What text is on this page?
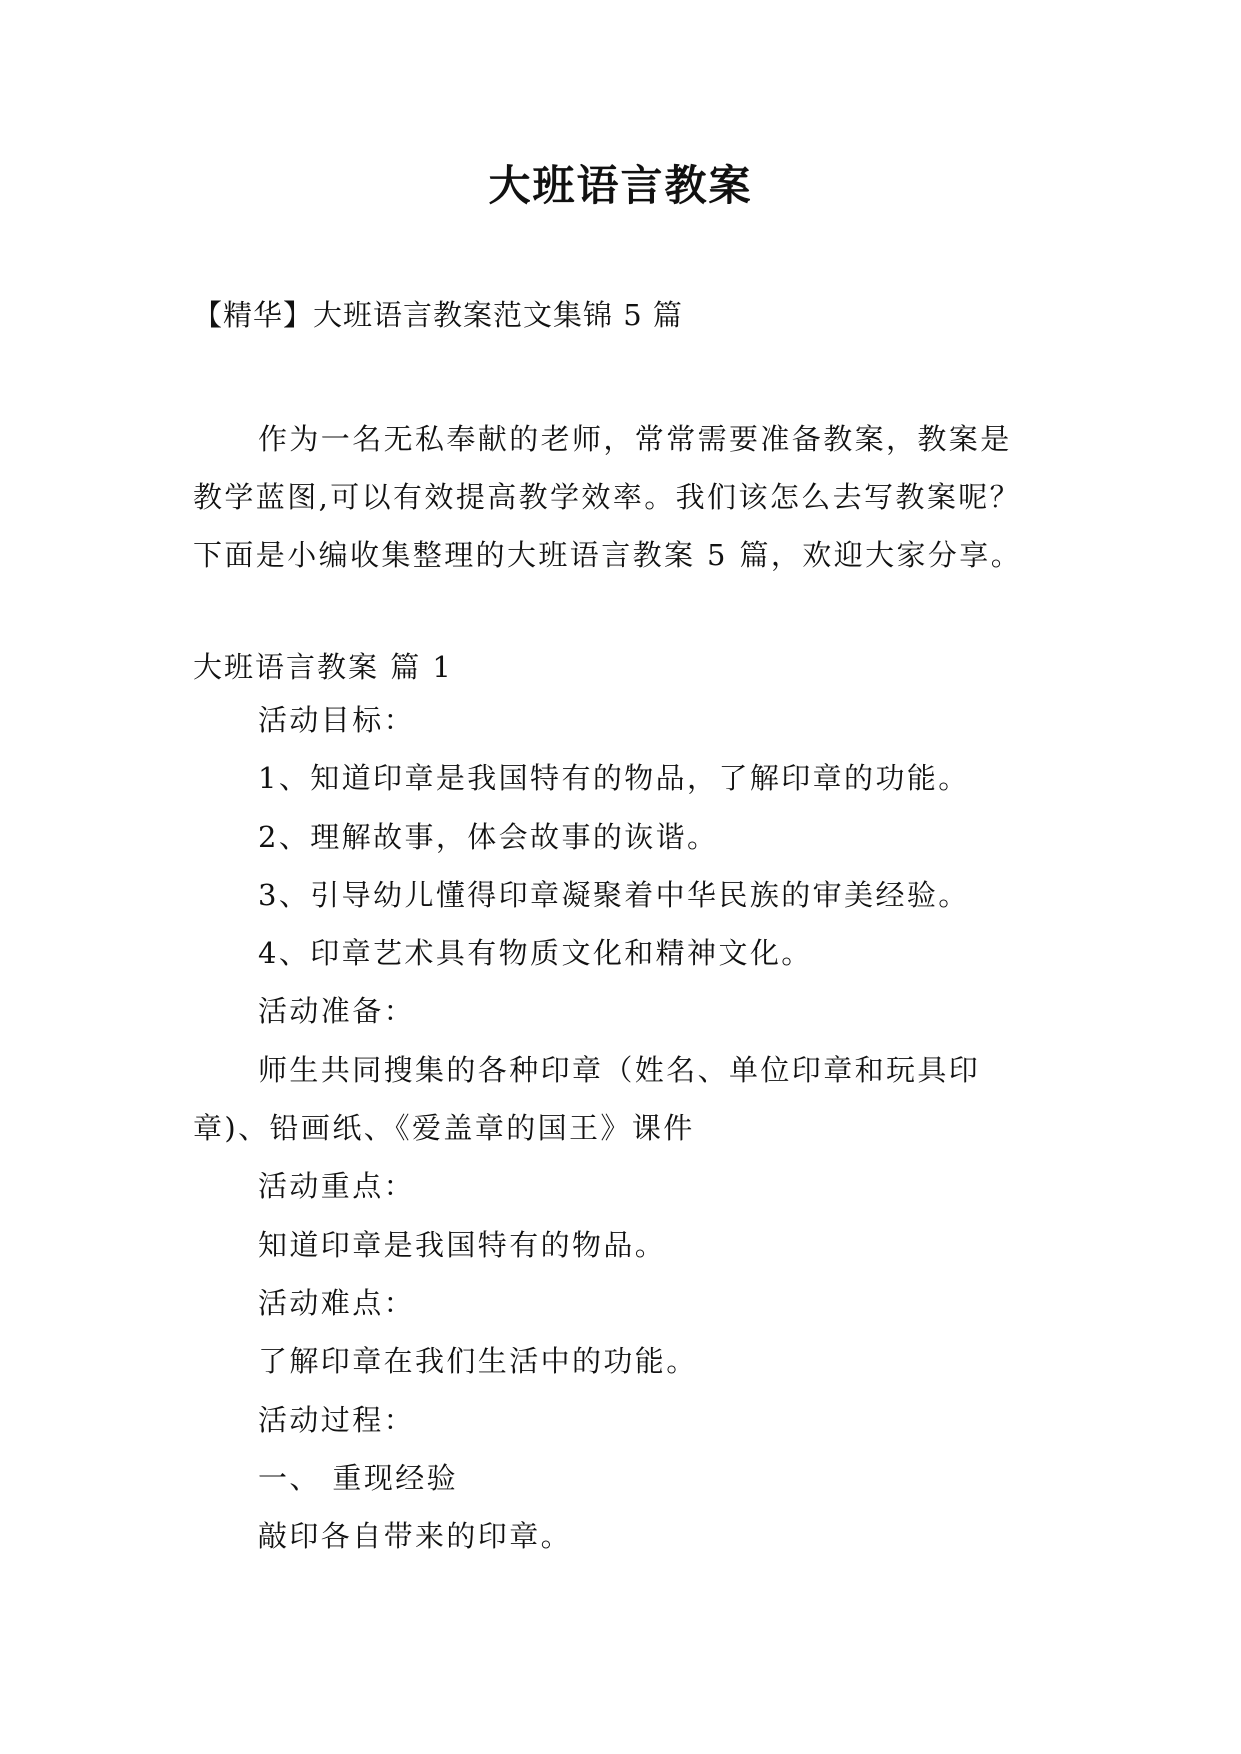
大班语言教案
【精华】大班语言教案范文集锦 5 篇
作为一名无私奉献的老师，常常需要准备教案，教案是
教学蓝图,可以有效提高教学效率。我们该怎么去写教案呢？
下面是小编收集整理的大班语言教案 5 篇，欢迎大家分享。
大班语言教案 篇 1
活动目标：
1、知道印章是我国特有的物品，了解印章的功能。
2、理解故事，体会故事的诙谐。
3、引导幼儿懂得印章凝聚着中华民族的审美经验。
4、印章艺术具有物质文化和精神文化。
活动准备：
师生共同搜集的各种印章（姓名、单位印章和玩具印
章)、铅画纸、《爱盖章的国王》课件
活动重点：
知道印章是我国特有的物品。
活动难点：
了解印章在我们生活中的功能。
活动过程：
一、 重现经验
敲印各自带来的印章。
